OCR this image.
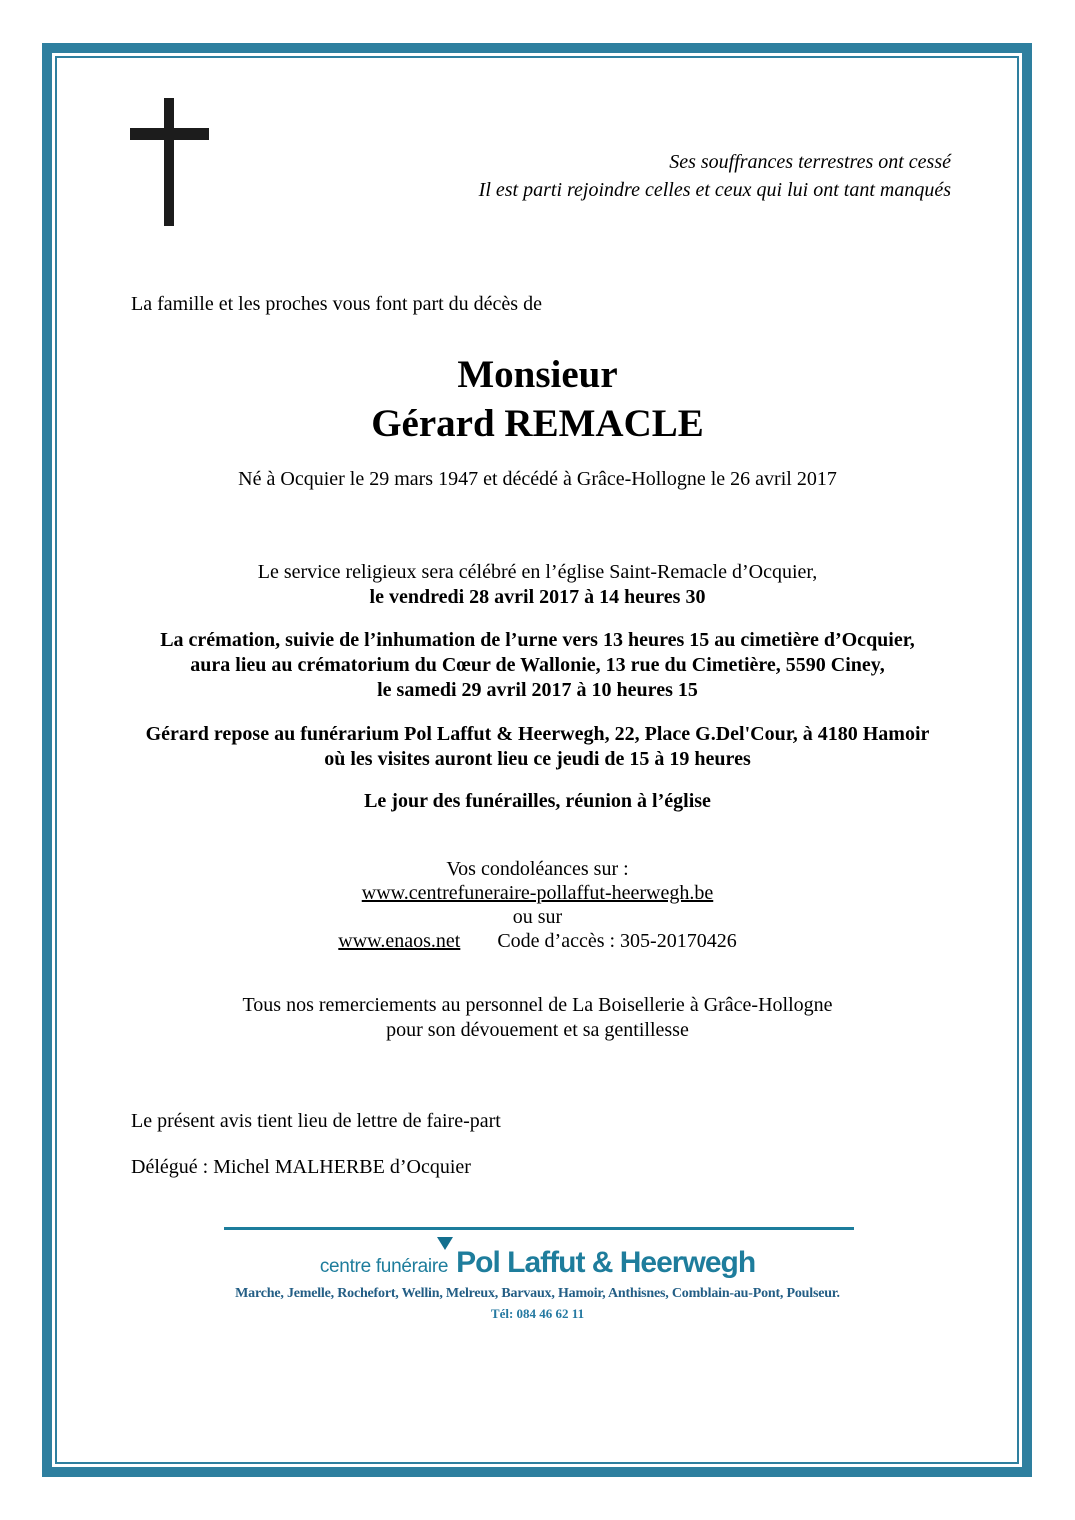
Ses souffrances terrestres ont cessé
Il est parti rejoindre celles et ceux qui lui ont tant manqués
La famille et les proches vous font part du décès de
Monsieur
Gérard REMACLE
Né à Ocquier le 29 mars 1947 et décédé à Grâce-Hollogne le 26 avril 2017
Le service religieux sera célébré en l’église Saint-Remacle d’Ocquier,
le vendredi 28 avril 2017 à 14 heures 30
La crémation, suivie de l’inhumation de l’urne vers 13 heures 15 au cimetière d’Ocquier,
aura lieu au crématorium du Cœur de Wallonie, 13 rue du Cimetière, 5590 Ciney,
le samedi 29 avril 2017 à 10 heures 15
Gérard repose au funérarium Pol Laffut & Heerwegh, 22, Place G.Del'Cour, à 4180 Hamoir
où les visites auront lieu ce jeudi de 15 à 19 heures
Le jour des funérailles, réunion à l’église
Vos condoléances sur :
www.centrefuneraire-pollaffut-heerwegh.be
ou sur
www.enaos.net Code d’accès : 305-20170426
Tous nos remerciements au personnel de La Boisellerie à Grâce-Hollogne
pour son dévouement et sa gentillesse
Le présent avis tient lieu de lettre de faire-part
Délégué : Michel MALHERBE d’Ocquier
centre funéraire Pol Laffut & Heerwegh
Marche, Jemelle, Rochefort, Wellin, Melreux, Barvaux, Hamoir, Anthisnes, Comblain-au-Pont, Poulseur.
Tél: 084 46 62 11
